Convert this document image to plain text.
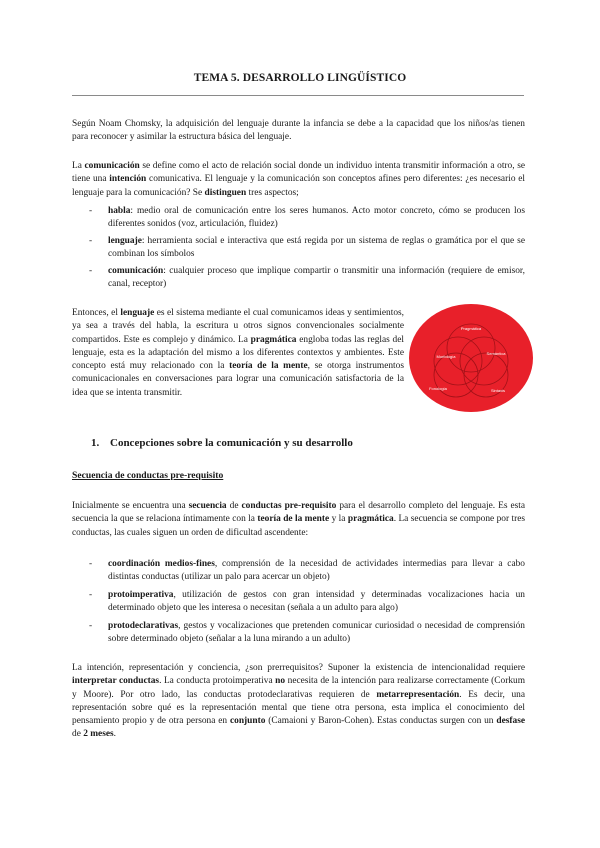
TEMA 5. DESARROLLO LINGÜÍSTICO

Según Noam Chomsky, la adquisición del lenguaje durante la infancia se debe a la capacidad que los niños/as tienen para reconocer y asimilar la estructura básica del lenguaje.

La comunicación se define como el acto de relación social donde un individuo intenta transmitir información a otro, se tiene una intención comunicativa. El lenguaje y la comunicación son conceptos afines pero diferentes: ¿es necesario el lenguaje para la comunicación? Se distinguen tres aspectos;

-	habla: medio oral de comunicación entre los seres humanos. Acto motor concreto, cómo se producen los diferentes sonidos (voz, articulación, fluidez)
-	lenguaje: herramienta social e interactiva que está regida por un sistema de reglas o gramática por el que se combinan los símbolos
-	comunicación: cualquier proceso que implique compartir o transmitir una información (requiere de emisor, canal, receptor)

Entonces, el lenguaje es el sistema mediante el cual comunicamos ideas y sentimientos, ya sea a través del habla, la escritura u otros signos convencionales socialmente compartidos. Este es complejo y dinámico. La pragmática engloba todas las reglas del lenguaje, esta es la adaptación del mismo a los diferentes contextos y ambientes. Este concepto está muy relacionado con la teoría de la mente, se otorga instrumentos comunicacionales en conversaciones para lograr una comunicación satisfactoria de la idea que se intenta transmitir.

Pragmática
Morfología
Semántica
Fonología	Sintaxis
1. Concepciones sobre la comunicación y su desarrollo
Secuencia de conductas pre-requisito

Inicialmente se encuentra una secuencia de conductas pre-requisito para el desarrollo completo del lenguaje. Es esta secuencia la que se relaciona íntimamente con la teoría de la mente y la pragmática. La secuencia se compone por tres conductas, las cuales siguen un orden de dificultad ascendente:

-	coordinación medios-fines, comprensión de la necesidad de actividades intermedias para llevar a cabo distintas conductas (utilizar un palo para acercar un objeto)
-	protoimperativa, utilización de gestos con gran intensidad y determinadas vocalizaciones hacia un determinado objeto que les interesa o necesitan (señala a un adulto para algo)
-	protodeclarativas, gestos y vocalizaciones que pretenden comunicar curiosidad o necesidad de comprensión sobre determinado objeto (señalar a la luna mirando a un adulto)

La intención, representación y conciencia, ¿son prerrequisitos? Suponer la existencia de intencionalidad requiere interpretar conductas. La conducta protoimperativa no necesita de la intención para realizarse correctamente (Corkum y Moore). Por otro lado, las conductas protodeclarativas requieren de metarrepresentación. Es decir, una representación sobre qué es la representación mental que tiene otra persona, esta implica el conocimiento del pensamiento propio y de otra persona en conjunto (Camaioni y Baron-Cohen). Estas conductas surgen con un desfase de 2 meses.
